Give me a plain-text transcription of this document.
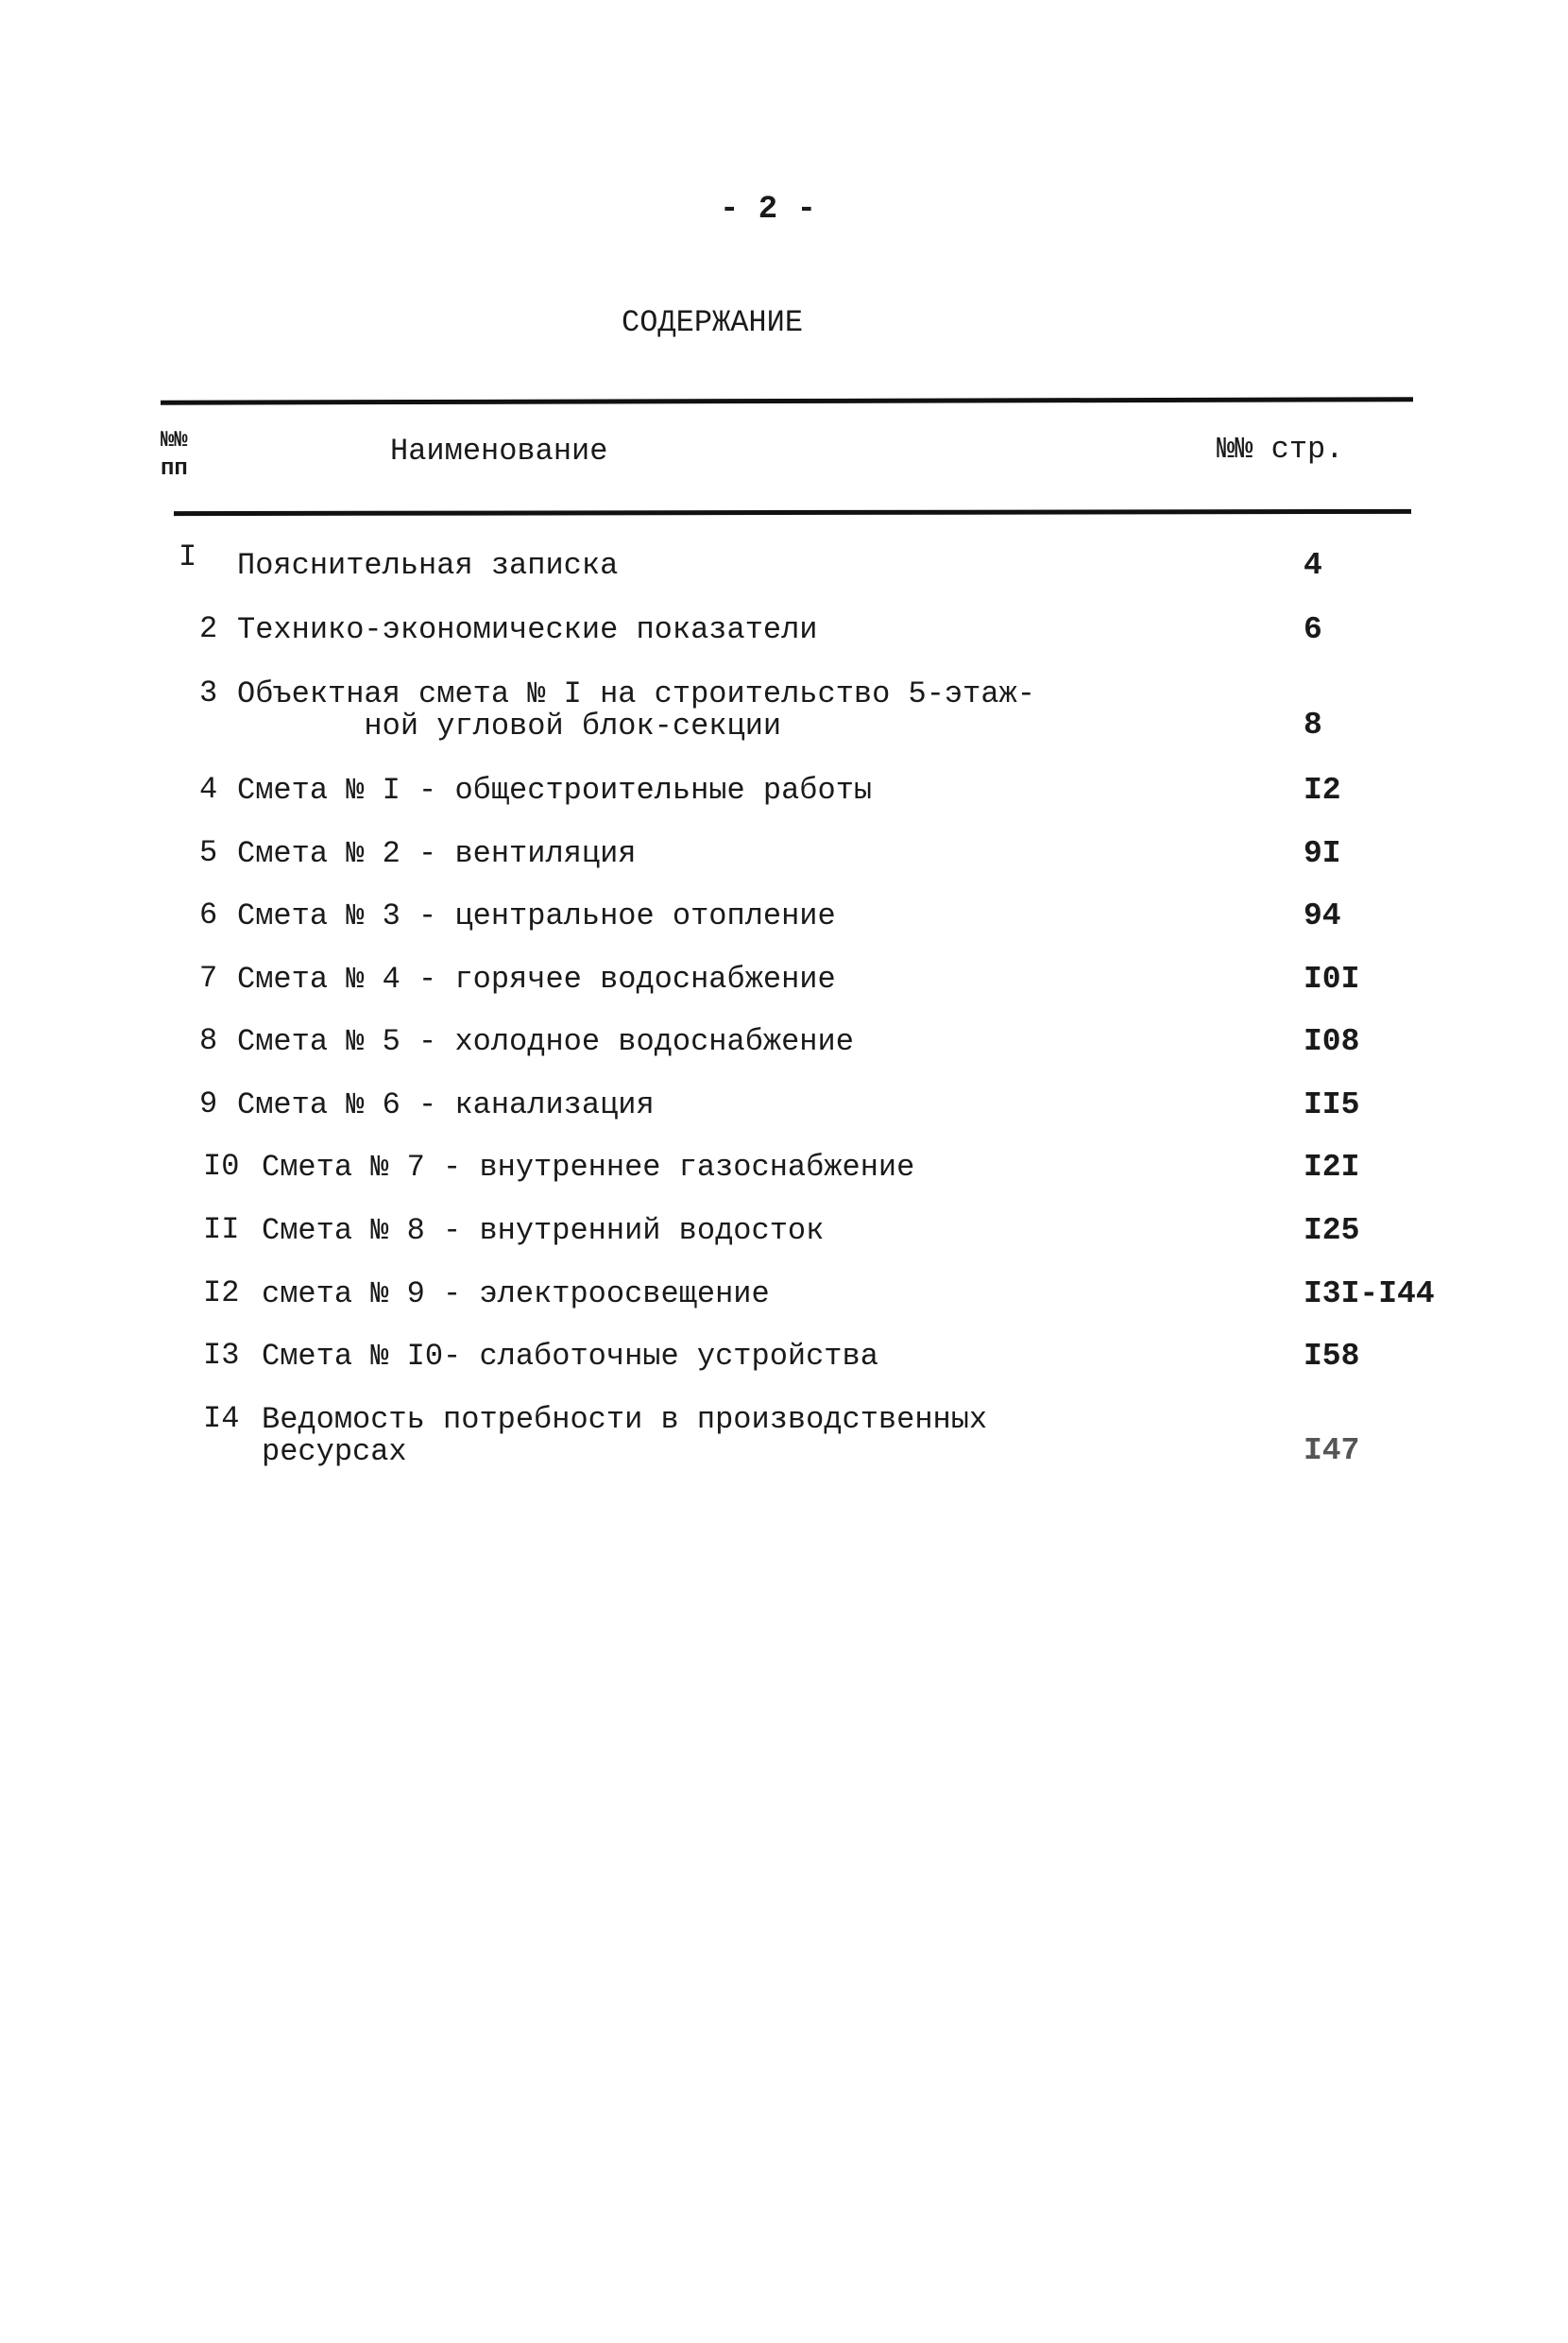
- 2 -
СОДЕРЖАНИЕ
№№
пп
Наименование	№№ стр.
I Пояснительная записка	4
2 Технико-экономические показатели	6
3 Объектная смета № I на строительство 5-этаж-
ной угловой блок-секции	8
4 Смета № I - общестроительные работы	I2
5 Смета № 2 - вентиляция	9I
6 Смета № 3 - центральное отопление	94
7 Смета № 4 - горячее водоснабжение	I0I
8 Смета № 5 - холодное водоснабжение	I08
9 Смета № 6 - канализация	II5
I0 Смета № 7 - внутреннее газоснабжение	I2I
II Смета № 8 - внутренний водосток	I25
I2 смета № 9 - электроосвещение	I3I-I44
I3 Смета № I0- слаботочные устройства	I58
I4 Ведомость потребности в производственных
ресурсах	I47
